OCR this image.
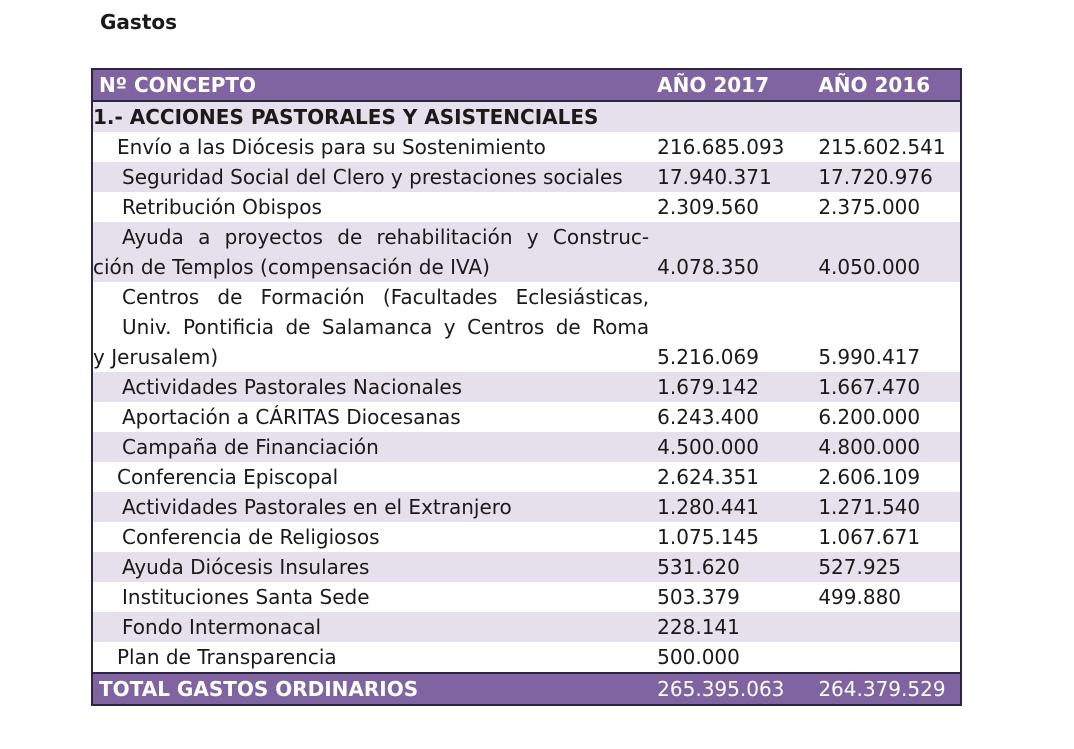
Gastos
Nº CONCEPTO	AÑO 2017	AÑO 2016
1.- ACCIONES PASTORALES Y ASISTENCIALES		
Envío a las Diócesis para su Sostenimiento	216.685.093	215.602.541
Seguridad Social del Clero y prestaciones sociales	17.940.371	17.720.976
Retribución Obispos	2.309.560	2.375.000

Ayuda a proyectos de rehabilitación y Construc-
ción de Templos (compensación de IVA)	4.078.350	4.050.000

Centros de Formación (Facultades Eclesiásticas,
Univ. Pontificia de Salamanca y Centros de Roma
y Jerusalem)	5.216.069	5.990.417
Actividades Pastorales Nacionales	1.679.142	1.667.470
Aportación a CÁRITAS Diocesanas	6.243.400	6.200.000
Campaña de Financiación	4.500.000	4.800.000
Conferencia Episcopal	2.624.351	2.606.109
Actividades Pastorales en el Extranjero	1.280.441	1.271.540
Conferencia de Religiosos	1.075.145	1.067.671
Ayuda Diócesis Insulares	531.620	527.925
Instituciones Santa Sede	503.379	499.880
Fondo Intermonacal	228.141	
Plan de Transparencia	500.000	
TOTAL GASTOS ORDINARIOS	265.395.063	264.379.529
